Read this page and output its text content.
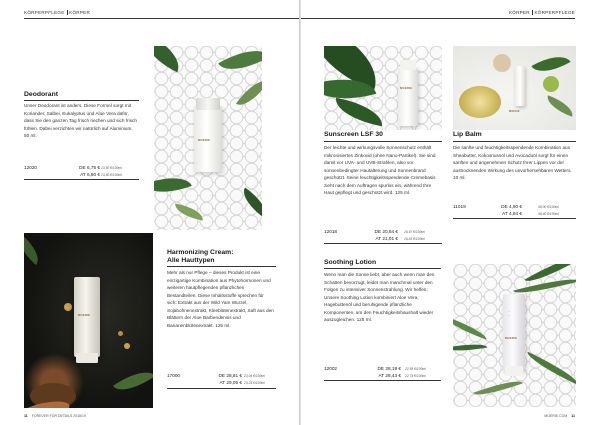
KÖRPERPFLEGE KÖRPER
Deodorant
Unser Deodorant ist anders. Diese Formel sorgt mit Koriander, Salbei, Eukalyptus und Aloe Vera dafür, dass Sie den ganzen Tag frisch riechen und sich frisch fühlen. Dabei verzichten wir natürlich auf Aluminium. 50 ml.
12020	DE 6,75 € 13,50 €/100ml
AT 6,80 € 13,60 €/100ml
MOERIE
MOERIE
Harmonizing Cream:
Alle Hauttypen
Mehr als nur Pflege – dieses Produkt ist eine einzigartige Kombination aus Phytohormonen und weiteren hautpflegenden pflanzlichen Bestandteilen. Diese Inhaltsstoffe sprechen für sich: Extrakt aus der Wild Yam Wurzel, Sojabohnenextrakt, Kleeblütenextrakt, Saft aus den Blättern der Aloe Barbendensis und Bananenblütenextrakt. 125 ml.
17000	DE 28,81 € 23,04 €/100ml
AT 29,05 € 23,24 €/100ml
11 FOREVER FOR DETAILS 2018/19
KÖRPER KÖRPERPFLEGE
MOERIE
MOERIE
Sunscreen LSF 30
Der leichte und wirkungsvolle Sonnenschutz enthält mikronisiertes Zinkoxid (ohne Nano-Partikel). Sie sind damit vor UVA- und UVB-Strahlen, also vor sonnenbedingter Hautalterung und Sonnenbrand geschützt. Seine feuchtigkeitsspendende Cremebasis zieht nach dem Auftragen spurlos ein, während Ihre Haut gepflegt und geschützt wird. 125 ml.
12018	DE 20,84 € 16,67 €/100ml
AT 21,01 € 16,81 €/100ml
Lip Balm
Die sanfte und feuchtigkeitsspendende Kombination aus Sheabutter, Kokosnussöl und Avocadoöl sorgt für einen sanften und angenehmen Schutz Ihrer Lippen vor der austrocknenden Wirkung des unvorhersehbaren Wetters. 10 ml.
11019	DE 4,90 €	49,00 €/100ml
AT 4,94 €	49,40 €/100ml
Soothing Lotion
Wenn man die Sonne liebt, aber auch wenn man den Schatten bevorzugt, leidet man manchmal unter den Folgen zu intensiver Sonnenstrahlung. Wir helfen: Unsere Soothing Lotion kombiniert Aloe Vera, Hagebuttenöl und beruhigende pflanzliche Komponenten, um den Feuchtigkeitshaushalt wieder auszugleichen. 125 ml.
12002	DE 28,19 € 22,55 €/100ml
AT 28,43 € 22,74 €/100ml
~
~
MOERIE
MOERIE.COM 11
